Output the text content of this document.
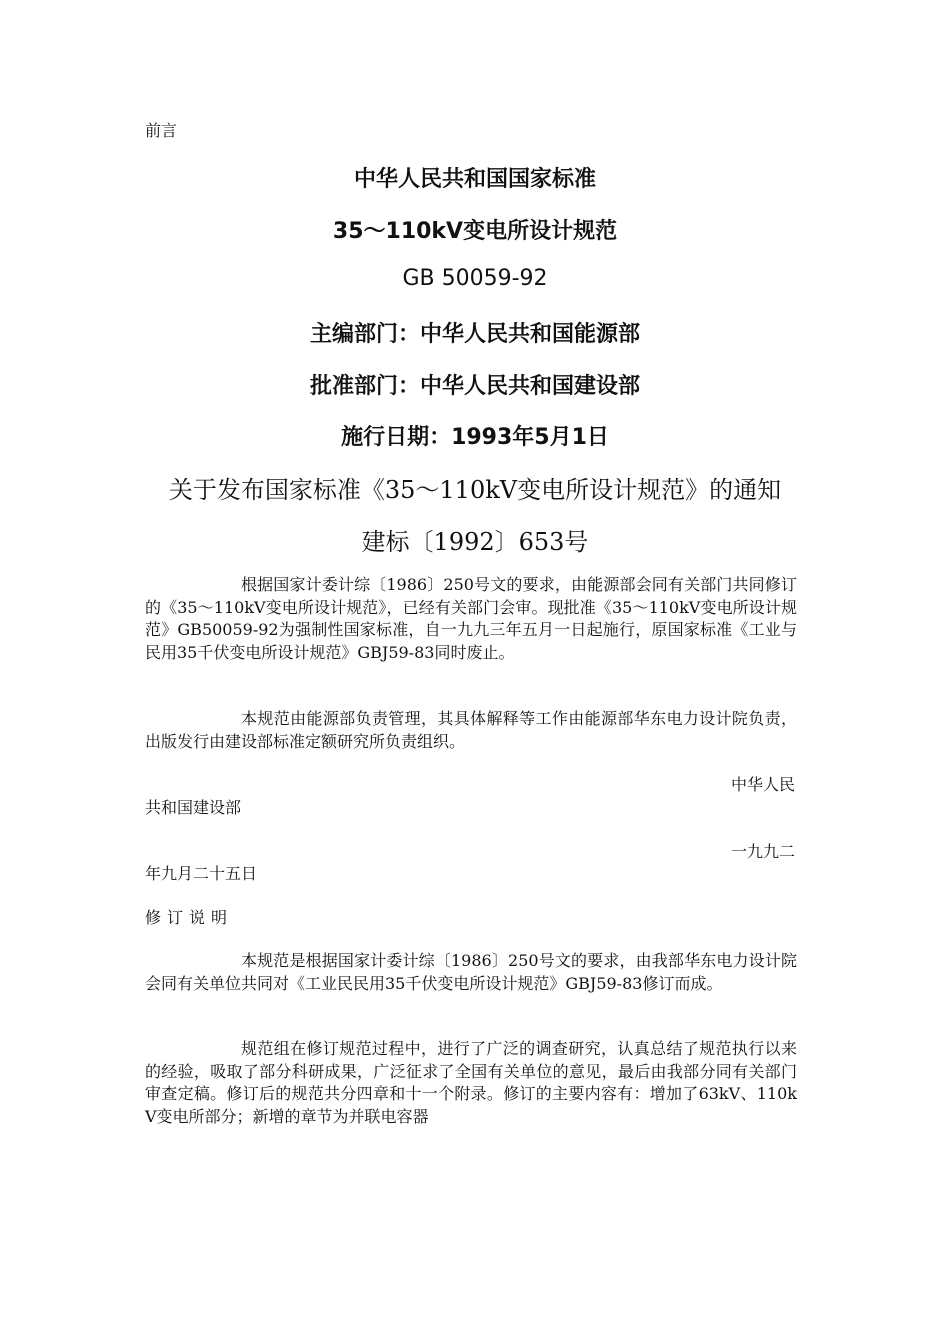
前言
中华人民共和国国家标准
35～110kV变电所设计规范
GB 50059-92
主编部门：中华人民共和国能源部
批准部门：中华人民共和国建设部
施行日期：1993年5月1日
关于发布国家标准《35～110kV变电所设计规范》的通知
建标〔1992〕653号
根据国家计委计综〔1986〕250号文的要求，由能源部会同有关部门共同修订的《35～110kV变电所设计规范》，已经有关部门会审。现批准《35～110kV变电所设计规范》GB50059-92为强制性国家标准，自一九九三年五月一日起施行，原国家标准《工业与民用35千伏变电所设计规范》GBJ59-83同时废止。
本规范由能源部负责管理，其具体解释等工作由能源部华东电力设计院负责，出版发行由建设部标准定额研究所负责组织。
中华人民
共和国建设部
一九九二
年九月二十五日
修订说明
本规范是根据国家计委计综〔1986〕250号文的要求，由我部华东电力设计院会同有关单位共同对《工业民民用35千伏变电所设计规范》GBJ59-83修订而成。
规范组在修订规范过程中，进行了广泛的调查研究，认真总结了规范执行以来的经验，吸取了部分科研成果，广泛征求了全国有关单位的意见，最后由我部分同有关部门审查定稿。修订后的规范共分四章和十一个附录。修订的主要内容有：增加了63kV、110kV变电所部分；新增的章节为并联电容器
